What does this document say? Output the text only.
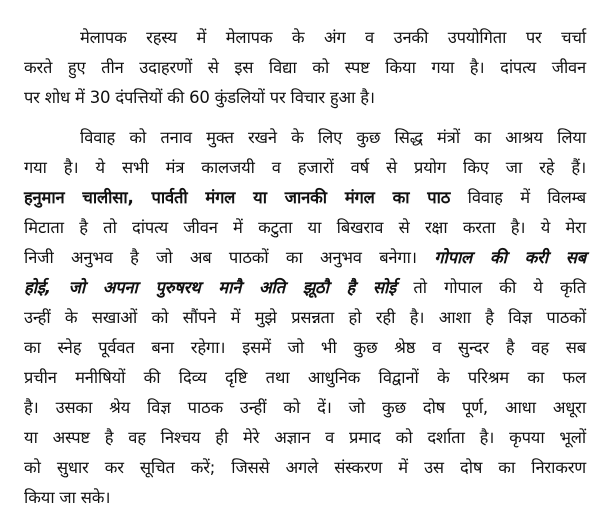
मेलापक रहस्य में मेलापक के अंग व उनकी उपयोगिता पर चर्चा
करते हुए तीन उदाहरणों से इस विद्या को स्पष्ट किया गया है। दांपत्य जीवन
पर शोध में 30 दंपत्तियों की 60 कुंडलियों पर विचार हुआ है।

विवाह को तनाव मुक्त रखने के लिए कुछ सिद्ध मंत्रों का आश्रय लिया
गया है। ये सभी मंत्र कालजयी व हजारों वर्ष से प्रयोग किए जा रहे हैं।
हनुमान चालीसा, पार्वती मंगल या जानकी मंगल का पाठ विवाह में विलम्ब
मिटाता है तो दांपत्य जीवन में कटुता या बिखराव से रक्षा करता है। ये मेरा
निजी अनुभव है जो अब पाठकों का अनुभव बनेगा। गोपाल की करी सब
होई, जो अपना पुरुषरथ मानै अति झूठौ है सोई तो गोपाल की ये कृति
उन्हीं के सखाओं को सौंपने में मुझे प्रसन्नता हो रही है। आशा है विज्ञ पाठकों
का स्नेह पूर्ववत बना रहेगा। इसमें जो भी कुछ श्रेष्ठ व सुन्दर है वह सब
प्रचीन मनीषियों की दिव्य दृष्टि तथा आधुनिक विद्वानों के परिश्रम का फल
है। उसका श्रेय विज्ञ पाठक उन्हीं को दें। जो कुछ दोष पूर्ण, आधा अधूरा
या अस्पष्ट है वह निश्चय ही मेरे अज्ञान व प्रमाद को दर्शाता है। कृपया भूलों
को सुधार कर सूचित करें; जिससे अगले संस्करण में उस दोष का निराकरण
किया जा सके।
